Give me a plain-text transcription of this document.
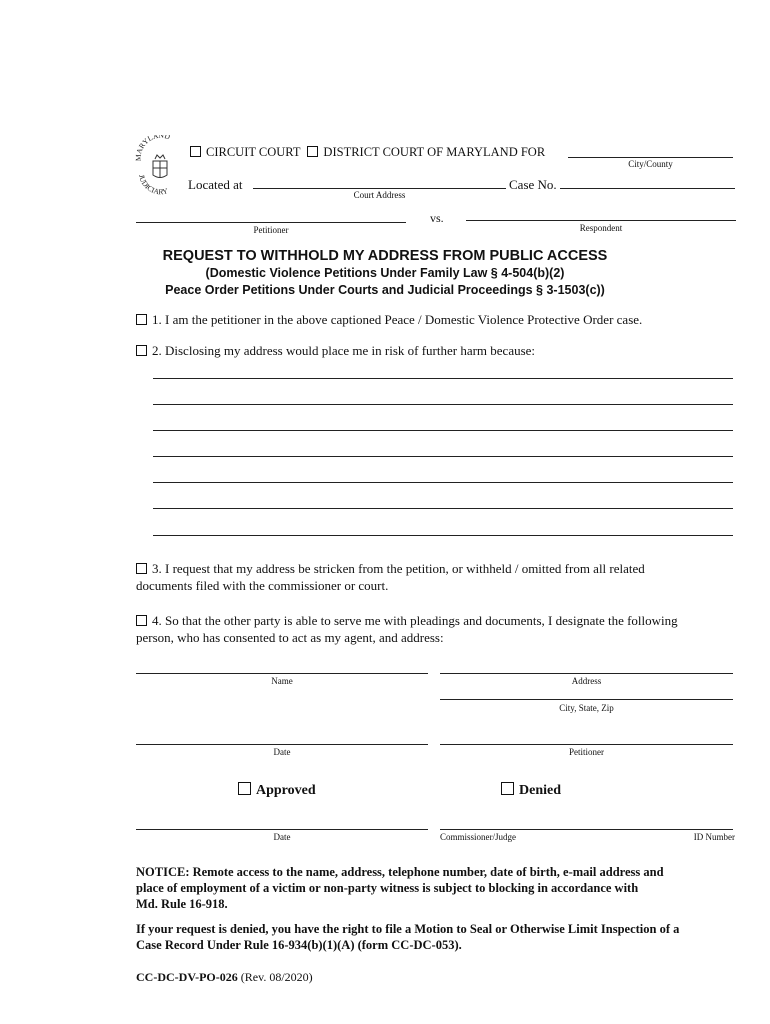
ARYLAND
JUDICIARY
CIRCUIT COURT DISTRICT COURT OF MARYLAND FOR
City/County
Located at
Court Address
Case No.
Petitioner
vs.
Respondent
REQUEST TO WITHHOLD MY ADDRESS FROM PUBLIC ACCESS
(Domestic Violence Petitions Under Family Law § 4-504(b)(2)
Peace Order Petitions Under Courts and Judicial Proceedings § 3-1503(c))
1. I am the petitioner in the above captioned Peace / Domestic Violence Protective Order case.
2. Disclosing my address would place me in risk of further harm because:
3. I request that my address be stricken from the petition, or withheld / omitted from all related
documents filed with the commissioner or court.
4. So that the other party is able to serve me with pleadings and documents, I designate the following
person, who has consented to act as my agent, and address:
Name	Address
City, State, Zip
Date	Petitioner
Approved	Denied
Date	Commissioner/Judge	ID Number
NOTICE: Remote access to the name, address, telephone number, date of birth, e-mail address and
place of employment of a victim or non-party witness is subject to blocking in accordance with
Md. Rule 16-918.
If your request is denied, you have the right to file a Motion to Seal or Otherwise Limit Inspection of a
Case Record Under Rule 16-934(b)(1)(A) (form CC-DC-053).
CC-DC-DV-PO-026 (Rev. 08/2020)
